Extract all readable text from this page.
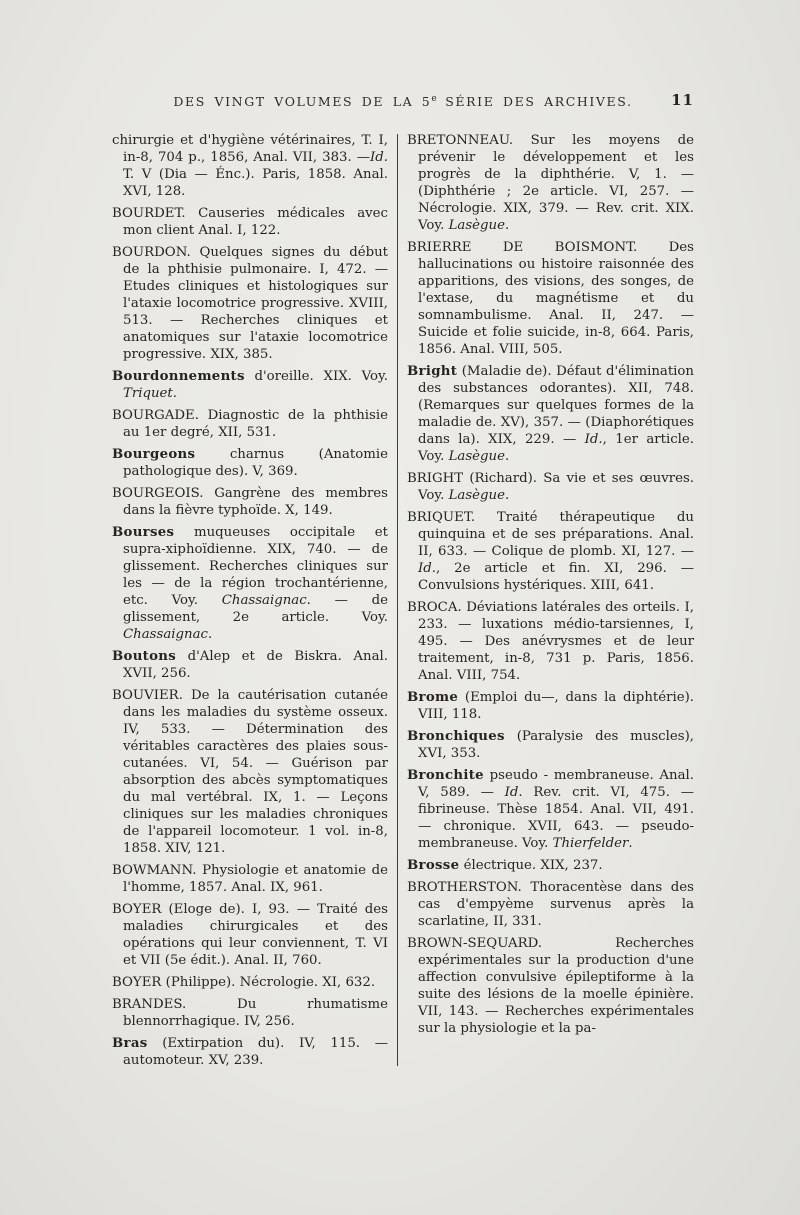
DES VINGT VOLUMES DE LA 5e SÉRIE DES ARCHIVES.	11

chirurgie et d'hygiène vétérinaires, T. I, in-8, 704 p., 1856, Anal. VII, 383. —Id. T. V (Dia — Énc.). Paris, 1858. Anal. XVI, 128.

BOURDET. Causeries médicales avec mon client Anal. I, 122.

BOURDON. Quelques signes du début de la phthisie pulmonaire. I, 472. — Etudes cliniques et histologiques sur l'ataxie locomotrice progressive. XVIII, 513. — Recherches cliniques et anatomiques sur l'ataxie locomotrice progressive. XIX, 385.

Bourdonnements d'oreille. XIX. Voy. Triquet.

BOURGADE. Diagnostic de la phthisie au 1er degré, XII, 531.

Bourgeons charnus (Anatomie pathologique des). V, 369.

BOURGEOIS. Gangrène des membres dans la fièvre typhoïde. X, 149.

Bourses muqueuses occipitale et supra-xiphoïdienne. XIX, 740. — de glissement. Recherches cliniques sur les — de la région trochantérienne, etc. Voy. Chassaignac. — de glissement, 2e article. Voy. Chassaignac.

Boutons d'Alep et de Biskra. Anal. XVII, 256.

BOUVIER. De la cautérisation cutanée dans les maladies du système osseux. IV, 533. — Détermination des véritables caractères des plaies sous-cutanées. VI, 54. — Guérison par absorption des abcès symptomatiques du mal vertébral. IX, 1. — Leçons cliniques sur les maladies chroniques de l'appareil locomoteur. 1 vol. in-8, 1858. XIV, 121.

BOWMANN. Physiologie et anatomie de l'homme, 1857. Anal. IX, 961.

BOYER (Eloge de). I, 93. — Traité des maladies chirurgicales et des opérations qui leur conviennent, T. VI et VII (5e édit.). Anal. II, 760.

BOYER (Philippe). Nécrologie. XI, 632.

BRANDES. Du rhumatisme blennorrhagique. IV, 256.

Bras (Extirpation du). IV, 115. — automoteur. XV, 239.

BRETONNEAU. Sur les moyens de prévenir le développement et les progrès de la diphthérie. V, 1. — (Diphthérie ; 2e article. VI, 257. — Nécrologie. XIX, 379. — Rev. crit. XIX. Voy. Lasègue.

BRIERRE DE BOISMONT. Des hallucinations ou histoire raisonnée des apparitions, des visions, des songes, de l'extase, du magnétisme et du somnambulisme. Anal. II, 247. — Suicide et folie suicide, in-8, 664. Paris, 1856. Anal. VIII, 505.

Bright (Maladie de). Défaut d'élimination des substances odorantes). XII, 748. (Remarques sur quelques formes de la maladie de. XV), 357. — (Diaphorétiques dans la). XIX, 229. — Id., 1er article. Voy. Lasègue.

BRIGHT (Richard). Sa vie et ses œuvres. Voy. Lasègue.

BRIQUET. Traité thérapeutique du quinquina et de ses préparations. Anal. II, 633. — Colique de plomb. XI, 127. — Id., 2e article et fin. XI, 296. — Convulsions hystériques. XIII, 641.

BROCA. Déviations latérales des orteils. I, 233. — luxations médio-tarsiennes, I, 495. — Des anévrysmes et de leur traitement, in-8, 731 p. Paris, 1856. Anal. VIII, 754.

Brome (Emploi du—, dans la diphtérie). VIII, 118.

Bronchiques (Paralysie des muscles), XVI, 353.

Bronchite pseudo - membraneuse. Anal. V, 589. — Id. Rev. crit. VI, 475. — fibrineuse. Thèse 1854. Anal. VII, 491. — chronique. XVII, 643. — pseudo-membraneuse. Voy. Thierfelder.

Brosse électrique. XIX, 237.

BROTHERSTON. Thoracentèse dans des cas d'empyème survenus après la scarlatine, II, 331.

BROWN-SEQUARD. Recherches expérimentales sur la production d'une affection convulsive épileptiforme à la suite des lésions de la moelle épinière. VII, 143. — Recherches expérimentales sur la physiologie et la pa-
